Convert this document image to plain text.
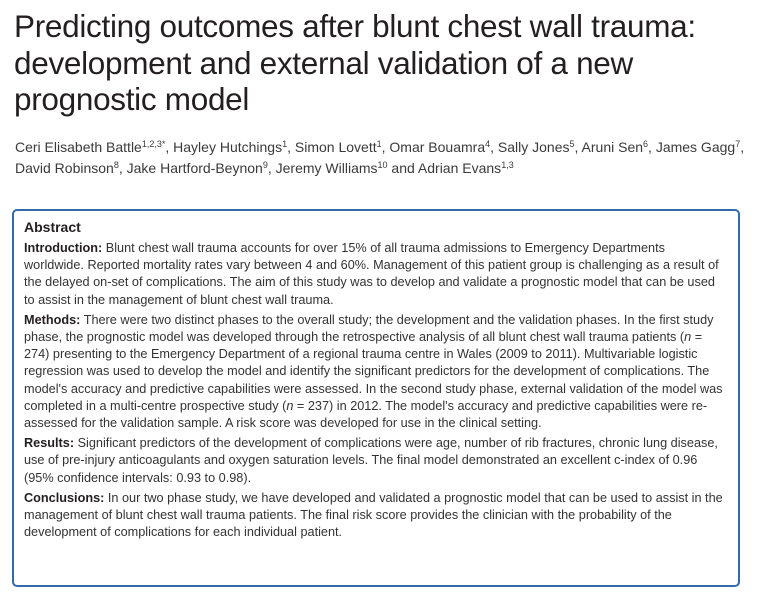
Predicting outcomes after blunt chest wall trauma: development and external validation of a new prognostic model
Ceri Elisabeth Battle$^{1,2,3*}$, Hayley Hutchings$^1$, Simon Lovett$^1$, Omar Bouamra$^4$, Sally Jones$^5$, Aruni Sen$^6$, James Gagg$^7$, David Robinson$^8$, Jake Hartford-Beynon$^9$, Jeremy Williams$^{10}$ and Adrian Evans$^{1,3}$
Abstract
Introduction: Blunt chest wall trauma accounts for over 15% of all trauma admissions to Emergency Departments worldwide. Reported mortality rates vary between 4 and 60%. Management of this patient group is challenging as a result of the delayed on-set of complications. The aim of this study was to develop and validate a prognostic model that can be used to assist in the management of blunt chest wall trauma.
Methods: There were two distinct phases to the overall study; the development and the validation phases. In the first study phase, the prognostic model was developed through the retrospective analysis of all blunt chest wall trauma patients (n = 274) presenting to the Emergency Department of a regional trauma centre in Wales (2009 to 2011). Multivariable logistic regression was used to develop the model and identify the significant predictors for the development of complications. The model's accuracy and predictive capabilities were assessed. In the second study phase, external validation of the model was completed in a multi-centre prospective study (n = 237) in 2012. The model's accuracy and predictive capabilities were re-assessed for the validation sample. A risk score was developed for use in the clinical setting.
Results: Significant predictors of the development of complications were age, number of rib fractures, chronic lung disease, use of pre-injury anticoagulants and oxygen saturation levels. The final model demonstrated an excellent c-index of 0.96 (95% confidence intervals: 0.93 to 0.98).
Conclusions: In our two phase study, we have developed and validated a prognostic model that can be used to assist in the management of blunt chest wall trauma patients. The final risk score provides the clinician with the probability of the development of complications for each individual patient.
